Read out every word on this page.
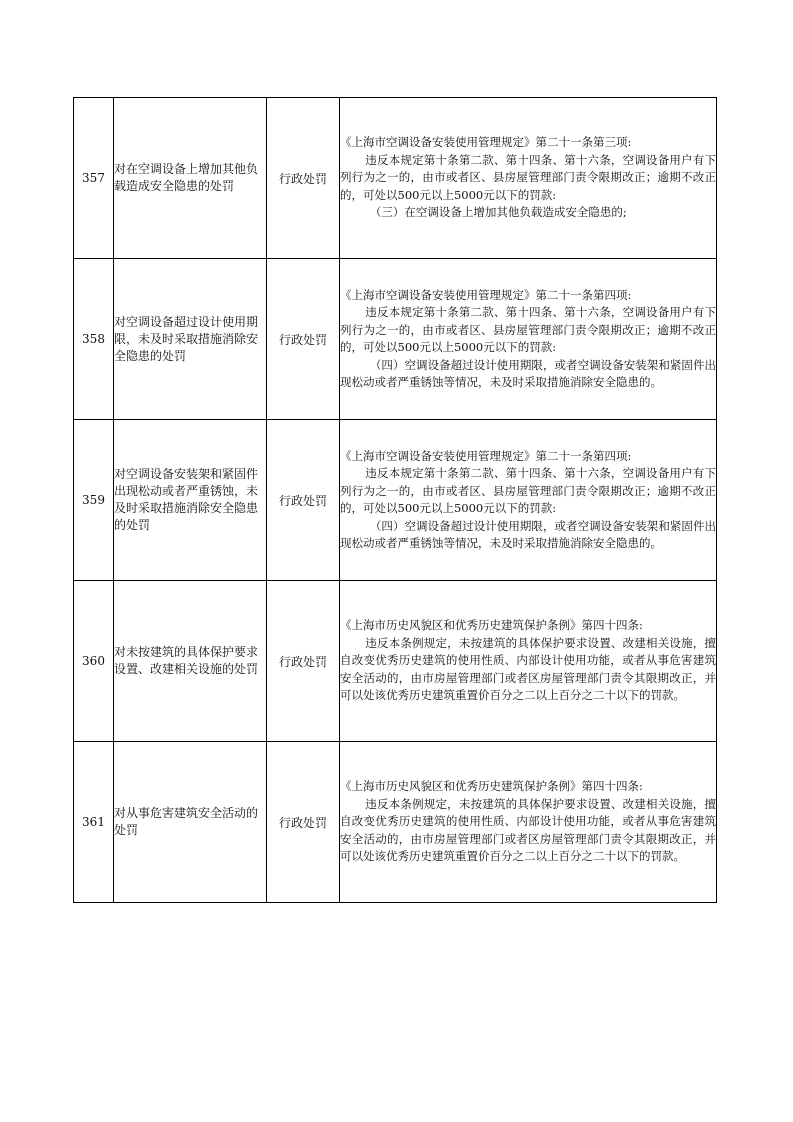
357	对在空调设备上增加其他负载造成安全隐患的处罚	行政处罚	《上海市空调设备安装使用管理规定》第二十一条第三项:
违反本规定第十条第二款、第十四条、第十六条，空调设备用户有下列行为之一的，由市或者区、县房屋管理部门责令限期改正；逾期不改正的，可处以500元以上5000元以下的罚款:
（三）在空调设备上增加其他负载造成安全隐患的;

358	对空调设备超过设计使用期限，未及时采取措施消除安全隐患的处罚	行政处罚	《上海市空调设备安装使用管理规定》第二十一条第四项:
违反本规定第十条第二款、第十四条、第十六条，空调设备用户有下列行为之一的，由市或者区、县房屋管理部门责令限期改正；逾期不改正的，可处以500元以上5000元以下的罚款:
（四）空调设备超过设计使用期限，或者空调设备安装架和紧固件出现松动或者严重锈蚀等情况，未及时采取措施消除安全隐患的。

359	对空调设备安装架和紧固件出现松动或者严重锈蚀，未及时采取措施消除安全隐患的处罚	行政处罚	《上海市空调设备安装使用管理规定》第二十一条第四项:
违反本规定第十条第二款、第十四条、第十六条，空调设备用户有下列行为之一的，由市或者区、县房屋管理部门责令限期改正；逾期不改正的，可处以500元以上5000元以下的罚款:
（四）空调设备超过设计使用期限，或者空调设备安装架和紧固件出现松动或者严重锈蚀等情况，未及时采取措施消除安全隐患的。

360	对未按建筑的具体保护要求设置、改建相关设施的处罚	行政处罚	《上海市历史风貌区和优秀历史建筑保护条例》第四十四条:
违反本条例规定，未按建筑的具体保护要求设置、改建相关设施，擅自改变优秀历史建筑的使用性质、内部设计使用功能，或者从事危害建筑安全活动的，由市房屋管理部门或者区房屋管理部门责令其限期改正，并可以处该优秀历史建筑重置价百分之二以上百分之二十以下的罚款。

361	对从事危害建筑安全活动的处罚	行政处罚	《上海市历史风貌区和优秀历史建筑保护条例》第四十四条:
违反本条例规定，未按建筑的具体保护要求设置、改建相关设施，擅自改变优秀历史建筑的使用性质、内部设计使用功能，或者从事危害建筑安全活动的，由市房屋管理部门或者区房屋管理部门责令其限期改正，并可以处该优秀历史建筑重置价百分之二以上百分之二十以下的罚款。
